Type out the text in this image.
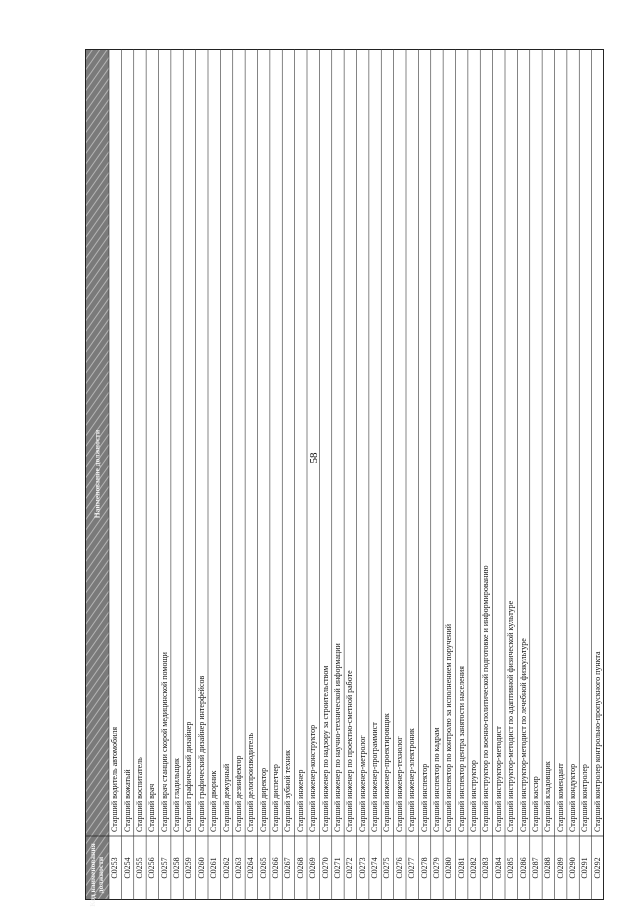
58
Код наименования должности
Наименование должности
C0253
Старший водитель автомобиля
C0254
Старший вожатый
C0255
Старший воспитатель
C0256
Старший врач
C0257
Старший врач станции скорой медицинской помощи
C0258
Старший гладильщик
C0259
Старший графический дизайнер
C0260
Старший графический дизайнер интерфейсов
C0261
Старший дворник
C0262
Старший дежурный
C0263
Старший дезинфектор
C0264
Старший делопроизводитель
C0265
Старший директор
C0266
Старший диспетчер
C0267
Старший зубной техник
C0268
Старший инженер
C0269
Старший инженер-конструктор
C0270
Старший инженер по надзору за строительством
C0271
Старший инженер по научно-технической информации
C0272
Старший инженер по проектно-сметной работе
C0273
Старший инженер-метролог
C0274
Старший инженер-программист
C0275
Старший инженер-проектировщик
C0276
Старший инженер-технолог
C0277
Старший инженер-электроник
C0278
Старший инспектор
C0279
Старший инспектор по кадрам
C0280
Старший инспектор по контролю за исполнением поручений
C0281
Старший инспектор центра занятости населения
C0282
Старший инструктор
C0283
Старший инструктор по военно-политической подготовке и информированию
C0284
Старший инструктор-методист
C0285
Старший инструктор-методист по адаптивной физической культуре
C0286
Старший инструктор-методист по лечебной физкультуре
C0287
Старший кассир
C0288
Старший кладовщик
C0289
Старший комендант
C0290
Старший кондуктор
C0291
Старший контролер
C0292
Старший контролер контрольно-пропускного пункта
